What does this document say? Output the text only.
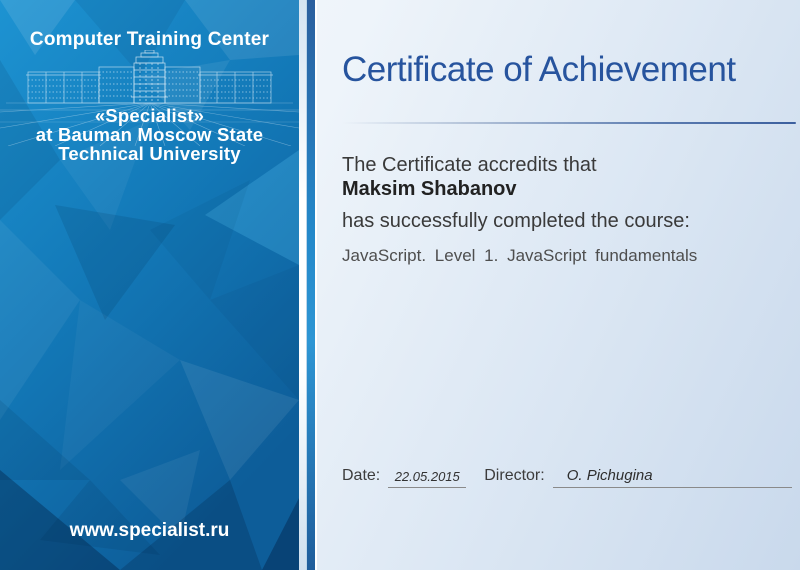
Computer Training Center
«Specialist»
at Bauman Moscow State
Technical University
www.specialist.ru
Certificate of Achievement

The Certificate accredits that

Maksim Shabanov

has successfully completed the course:

JavaScript. Level 1. JavaScript fundamentals

Date:	22.05.2015	Director:	O. Pichugina
